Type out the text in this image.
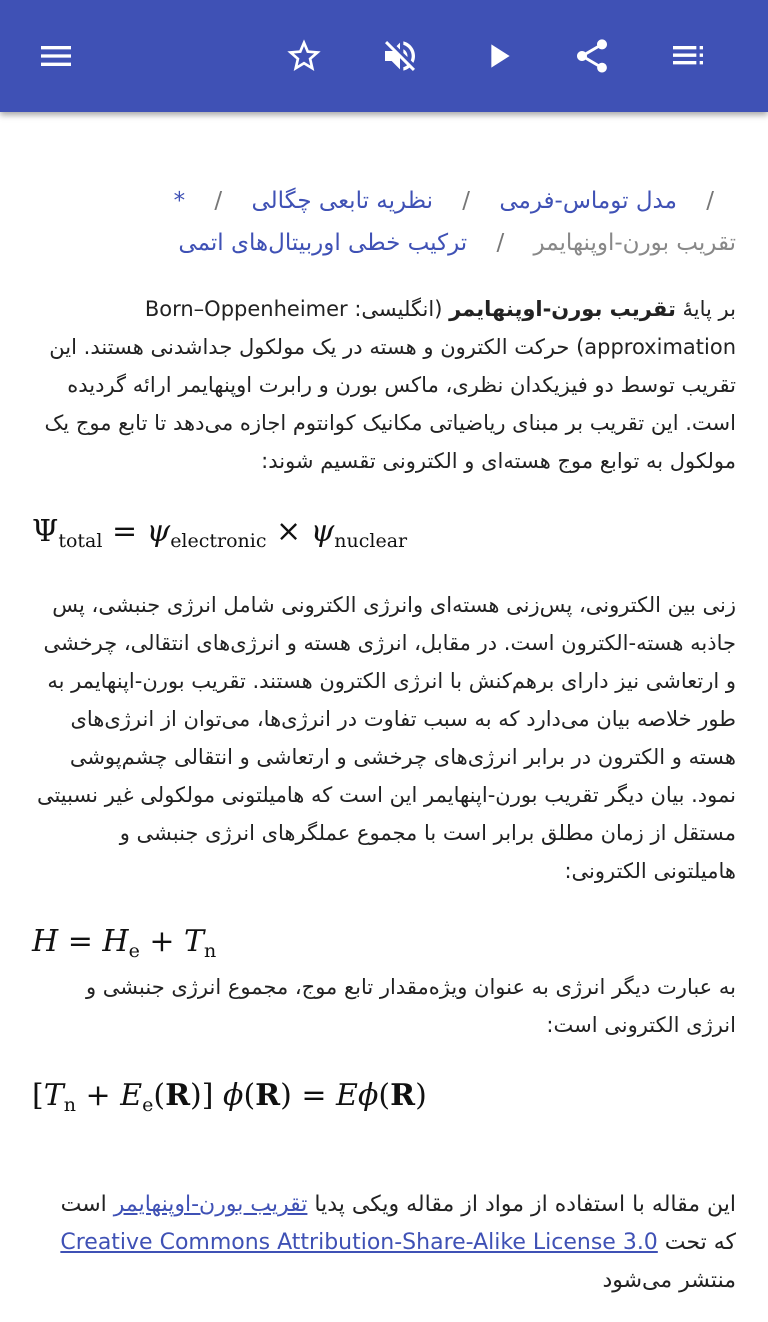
/ مدل توماس-فرمی / نظریه تابعی چگالی / *
تقریب بورن-اوپنهایمر / ترکیب خطی اوربیتال‌های اتمی

بر پایهٔ تقریب بورن-اوپنهایمر (انگلیسی: Born–Oppenheimer approximation) حرکت الکترون و هسته در یک مولکول جداشدنی هستند. این تقریب توسط دو فیزیکدان نظری، ماکس بورن و رابرت اوپنهایمر ارائه گردیده است. این تقریب بر مبنای ریاضیاتی مکانیک کوانتوم اجازه می‌دهد تا تابع موج یک مولکول به توابع موج هسته‌ای و الکترونی تقسیم شوند:

$\Psi_{total} = \psi_{electronic} \times \psi_{nuclear}$

زنی بین الکترونی، پس‌زنی هسته‌ای وانرژی الکترونی شامل انرژی جنبشی، پس جاذبه هسته-الکترون است. در مقابل، انرژی هسته و انرژی‌های انتقالی، چرخشی و ارتعاشی نیز دارای برهم‌کنش با انرژی الکترون هستند. تقریب بورن-اپنهایمر به طور خلاصه بیان می‌دارد که به سبب تفاوت در انرژی‌ها، می‌توان از انرژی‌های هسته و الکترون در برابر انرژی‌های چرخشی و ارتعاشی و انتقالی چشم‌پوشی نمود. بیان دیگر تقریب بورن-اپنهایمر این است که هامیلتونی مولکولی غیر نسبیتی مستقل از زمان مطلق برابر است با مجموع عملگرهای انرژی جنبشی و هامیلتونی الکترونی:

$H = H_e + T_n$

به عبارت دیگر انرژی به عنوان ویژه‌مقدار تابع موج، مجموع انرژی جنبشی و انرژی الکترونی است:

$[T_n + E_e(R)] \phi(R) = E\phi(R)$

این مقاله با استفاده از مواد از مقاله ویکی پدیا تقریب بورن-اوپنهایمر است که تحت Creative Commons Attribution-Share-Alike License 3.0 منتشر می‌شود
